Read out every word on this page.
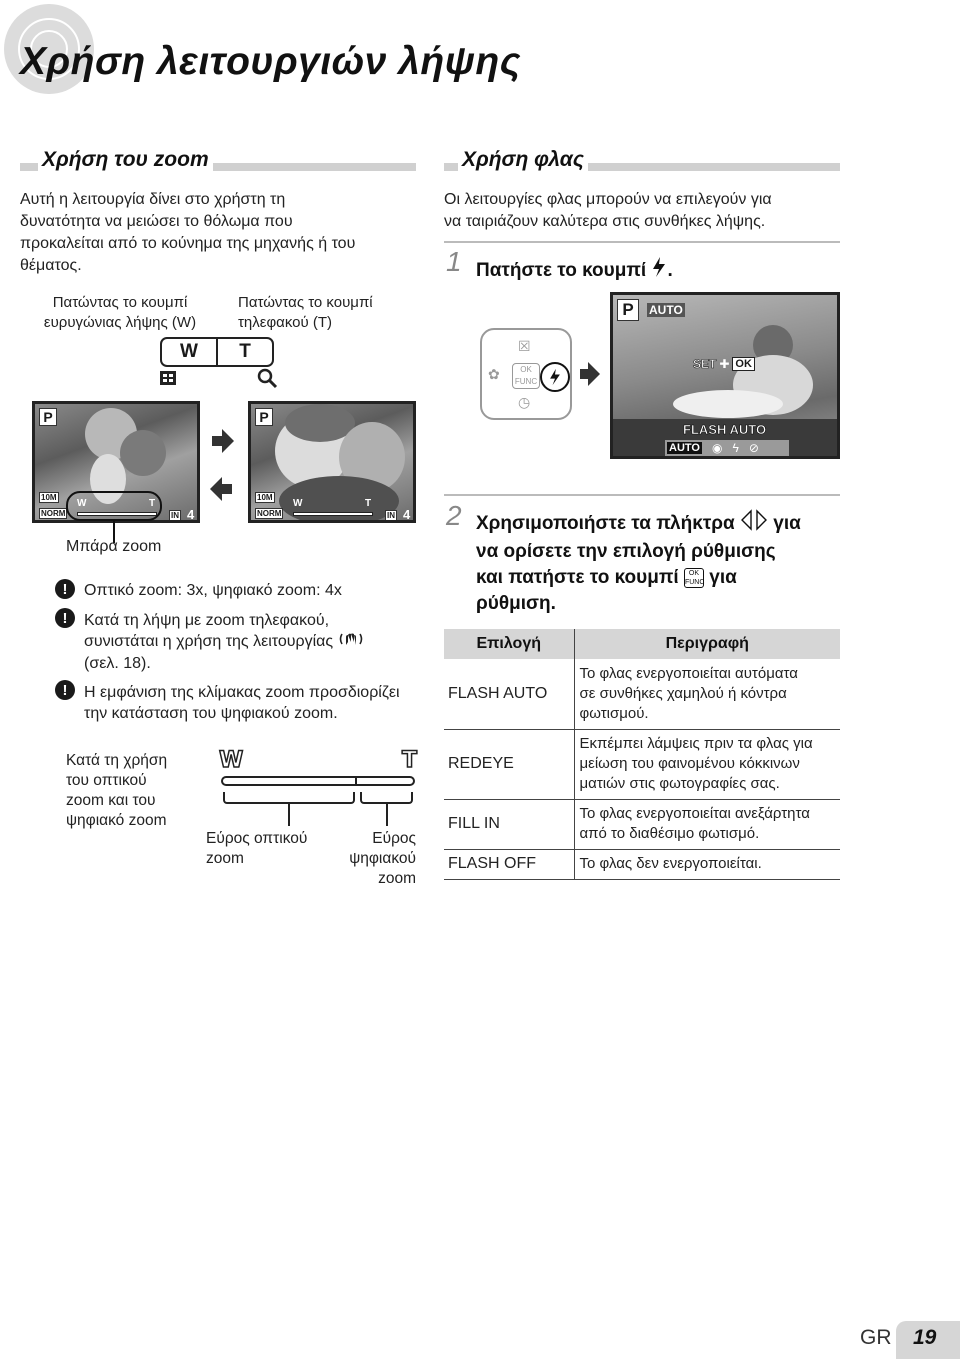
Χρήση λειτουργιών λήψης
Χρήση του zoom
Αυτή η λειτουργία δίνει στο χρήστη τη
δυνατότητα να μειώσει το θόλωμα που
προκαλείται από το κούνημα της μηχανής ή του
θέματος.
Πατώντας το κουμπί
ευρυγώνιας λήψης (W)
Πατώντας το κουμπί
τηλεφακού (T)
W	T
P
10M
NORM
W	T
IN 4
P
10M
NORM
W	T
IN 4
Μπάρα zoom
!	Οπτικό zoom: 3x, ψηφιακό zoom: 4x
!	Κατά τη λήψη με zoom τηλεφακού,
συνιστάται η χρήση της λειτουργίας
(σελ. 18).
!	Η εμφάνιση της κλίμακας zoom προσδιορίζει
την κατάσταση του ψηφιακού zoom.
Κατά τη χρήση
του οπτικού
zoom και του
ψηφιακό zoom
W	T
Εύρος οπτικού
zoom
Εύρος
ψηφιακού
zoom
Χρήση φλας
Οι λειτουργίες φλας μπορούν να επιλεγούν για
να ταιριάζουν καλύτερα στις συνθήκες λήψης.
1 Πατήστε το κουμπί .
☒
✿
◷
OK FUNC
P	AUTO
SET ✚ OK
FLASH AUTO
AUTO ◉ ϟ ⊘
2 Χρησιμοποιήστε τα πλήκτρα για
να ορίσετε την επιλογή ρύθμισης
και πατήστε το κουμπί OK FUNC για
ρύθμιση.
Επιλογή	Περιγραφή
FLASH AUTO	Το φλας ενεργοποιείται αυτόματα
σε συνθήκες χαμηλού ή κόντρα
φωτισμού.

REDEYE	Εκπέμπει λάμψεις πριν τα φλας για
μείωση του φαινομένου κόκκινων
ματιών στις φωτογραφίες σας.

FILL IN	Το φλας ενεργοποιείται ανεξάρτητα
από το διαθέσιμο φωτισμό.

FLASH OFF	Το φλας δεν ενεργοποιείται.
GR 19
